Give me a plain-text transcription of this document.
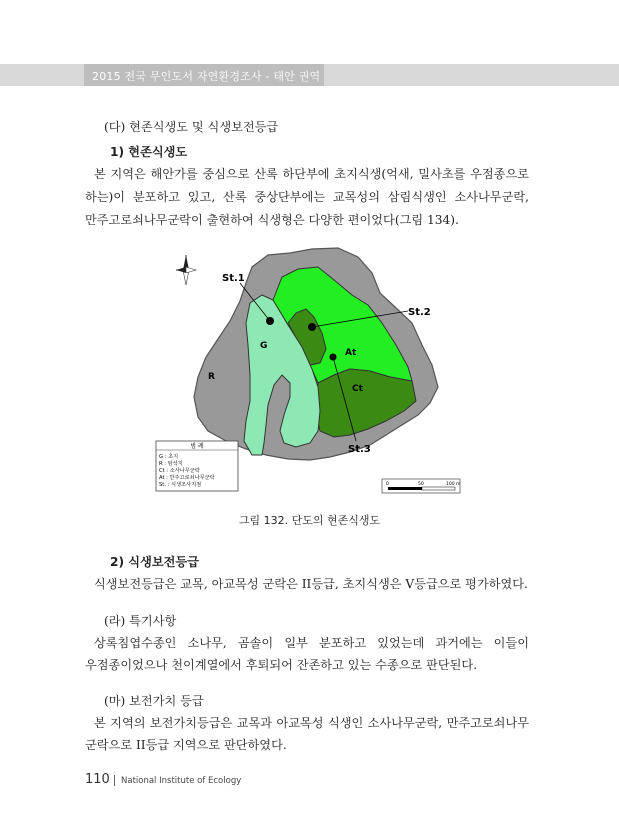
2015 전국 무인도서 자연환경조사 - 태안 권역
(다) 현존식생도 및 식생보전등급
1) 현존식생도
본 지역은 해안가를 중심으로 산록 하단부에 초지식생(억새, 밀사초를 우점종으로
하는)이 분포하고 있고, 산록 중상단부에는 교목성의 삼림식생인 소사나무군락,
만주고로쇠나무군락이 출현하여 식생형은 다양한 편이었다(그림 134).
St.1
St.2
St.3
G
R
At
Ct
범 례
G : 초지
R : 암석지
Ct : 소사나무군락
At : 만주고로쇠나무군락
St. : 식생조사지점	0	50	100 m
그림 132. 단도의 현존식생도
2) 식생보전등급
식생보전등급은 교목, 아교목성 군락은 II등급, 초지식생은 V등급으로 평가하였다.
(라) 특기사항
상록침엽수종인 소나무, 곰솔이 일부 분포하고 있었는데 과거에는 이들이
우점종이었으나 천이계열에서 후퇴되어 잔존하고 있는 수종으로 판단된다.
(마) 보전가치 등급
본 지역의 보전가치등급은 교목과 아교목성 식생인 소사나무군락, 만주고로쇠나무
군락으로 II등급 지역으로 판단하였다.
110 National Institute of Ecology
